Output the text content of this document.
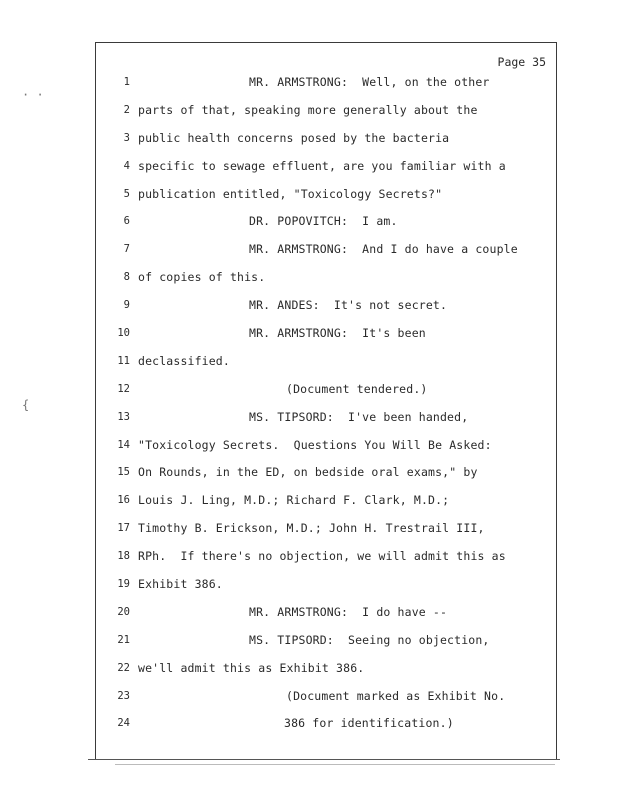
· ·
{
Page 35
1
2
3
4
5
6
7
8
9
10
11
12
13
14
15
16
17
18
19
20
21
22
23
24
MR. ARMSTRONG:  Well, on the other
parts of that, speaking more generally about the
public health concerns posed by the bacteria
specific to sewage effluent, are you familiar with a
publication entitled, "Toxicology Secrets?"
DR. POPOVITCH:  I am.
MR. ARMSTRONG:  And I do have a couple
of copies of this.
MR. ANDES:  It's not secret.
MR. ARMSTRONG:  It's been
declassified.
(Document tendered.)
MS. TIPSORD:  I've been handed,
"Toxicology Secrets.  Questions You Will Be Asked:
On Rounds, in the ED, on bedside oral exams," by
Louis J. Ling, M.D.; Richard F. Clark, M.D.;
Timothy B. Erickson, M.D.; John H. Trestrail III,
RPh.  If there's no objection, we will admit this as
Exhibit 386.
MR. ARMSTRONG:  I do have --
MS. TIPSORD:  Seeing no objection,
we'll admit this as Exhibit 386.
(Document marked as Exhibit No.
386 for identification.)
